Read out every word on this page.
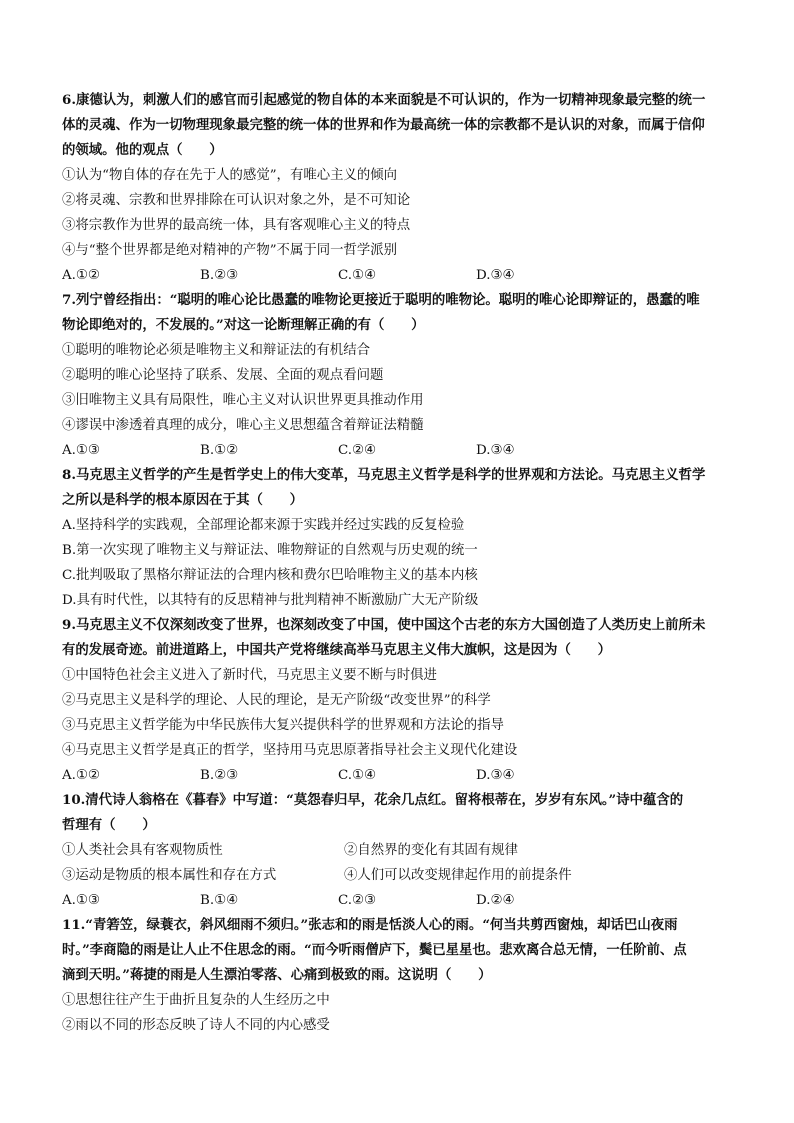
6.康德认为，刺激人们的感官而引起感觉的物自体的本来面貌是不可认识的，作为一切精神现象最完整的统一
体的灵魂、作为一切物理现象最完整的统一体的世界和作为最高统一体的宗教都不是认识的对象，而属于信仰
的领域。他的观点（　　）
①认为“物自体的存在先于人的感觉”，有唯心主义的倾向
②将灵魂、宗教和世界排除在可认识对象之外，是不可知论
③将宗教作为世界的最高统一体，具有客观唯心主义的特点
④与“整个世界都是绝对精神的产物”不属于同一哲学派别
A.①②	B.②③	C.①④	D.③④
7.列宁曾经指出：“聪明的唯心论比愚蠢的唯物论更接近于聪明的唯物论。聪明的唯心论即辩证的，愚蠢的唯
物论即绝对的，不发展的。”对这一论断理解正确的有（　　）
①聪明的唯物论必须是唯物主义和辩证法的有机结合
②聪明的唯心论坚持了联系、发展、全面的观点看问题
③旧唯物主义具有局限性，唯心主义对认识世界更具推动作用
④谬误中渗透着真理的成分，唯心主义思想蕴含着辩证法精髓
A.①③	B.①②	C.②④	D.③④
8.马克思主义哲学的产生是哲学史上的伟大变革，马克思主义哲学是科学的世界观和方法论。马克思主义哲学
之所以是科学的根本原因在于其（　　）
A.坚持科学的实践观，全部理论都来源于实践并经过实践的反复检验
B.第一次实现了唯物主义与辩证法、唯物辩证的自然观与历史观的统一
C.批判吸取了黑格尔辩证法的合理内核和费尔巴哈唯物主义的基本内核
D.具有时代性，以其特有的反思精神与批判精神不断激励广大无产阶级
9.马克思主义不仅深刻改变了世界，也深刻改变了中国，使中国这个古老的东方大国创造了人类历史上前所未
有的发展奇迹。前进道路上，中国共产党将继续高举马克思主义伟大旗帜，这是因为（　　）
①中国特色社会主义进入了新时代，马克思主义要不断与时俱进
②马克思主义是科学的理论、人民的理论，是无产阶级“改变世界”的科学
③马克思主义哲学能为中华民族伟大复兴提供科学的世界观和方法论的指导
④马克思主义哲学是真正的哲学，坚持用马克思原著指导社会主义现代化建设
A.①②	B.②③	C.①④	D.③④
10.清代诗人翁格在《暮春》中写道：“莫怨春归早，花余几点红。留将根蒂在，岁岁有东风。”诗中蕴含的
哲理有（　　）
①人类社会具有客观物质性	②自然界的变化有其固有规律
③运动是物质的根本属性和存在方式	④人们可以改变规律起作用的前提条件
A.①③	B.①④	C.②③	D.②④
11.“青箬笠，绿蓑衣，斜风细雨不须归。”张志和的雨是恬淡人心的雨。“何当共剪西窗烛，却话巴山夜雨
时。”李商隐的雨是让人止不住思念的雨。“而今听雨僧庐下，鬓已星星也。悲欢离合总无情，一任阶前、点
滴到天明。”蒋捷的雨是人生漂泊零落、心痛到极致的雨。这说明（　　）
①思想往往产生于曲折且复杂的人生经历之中
②雨以不同的形态反映了诗人不同的内心感受
